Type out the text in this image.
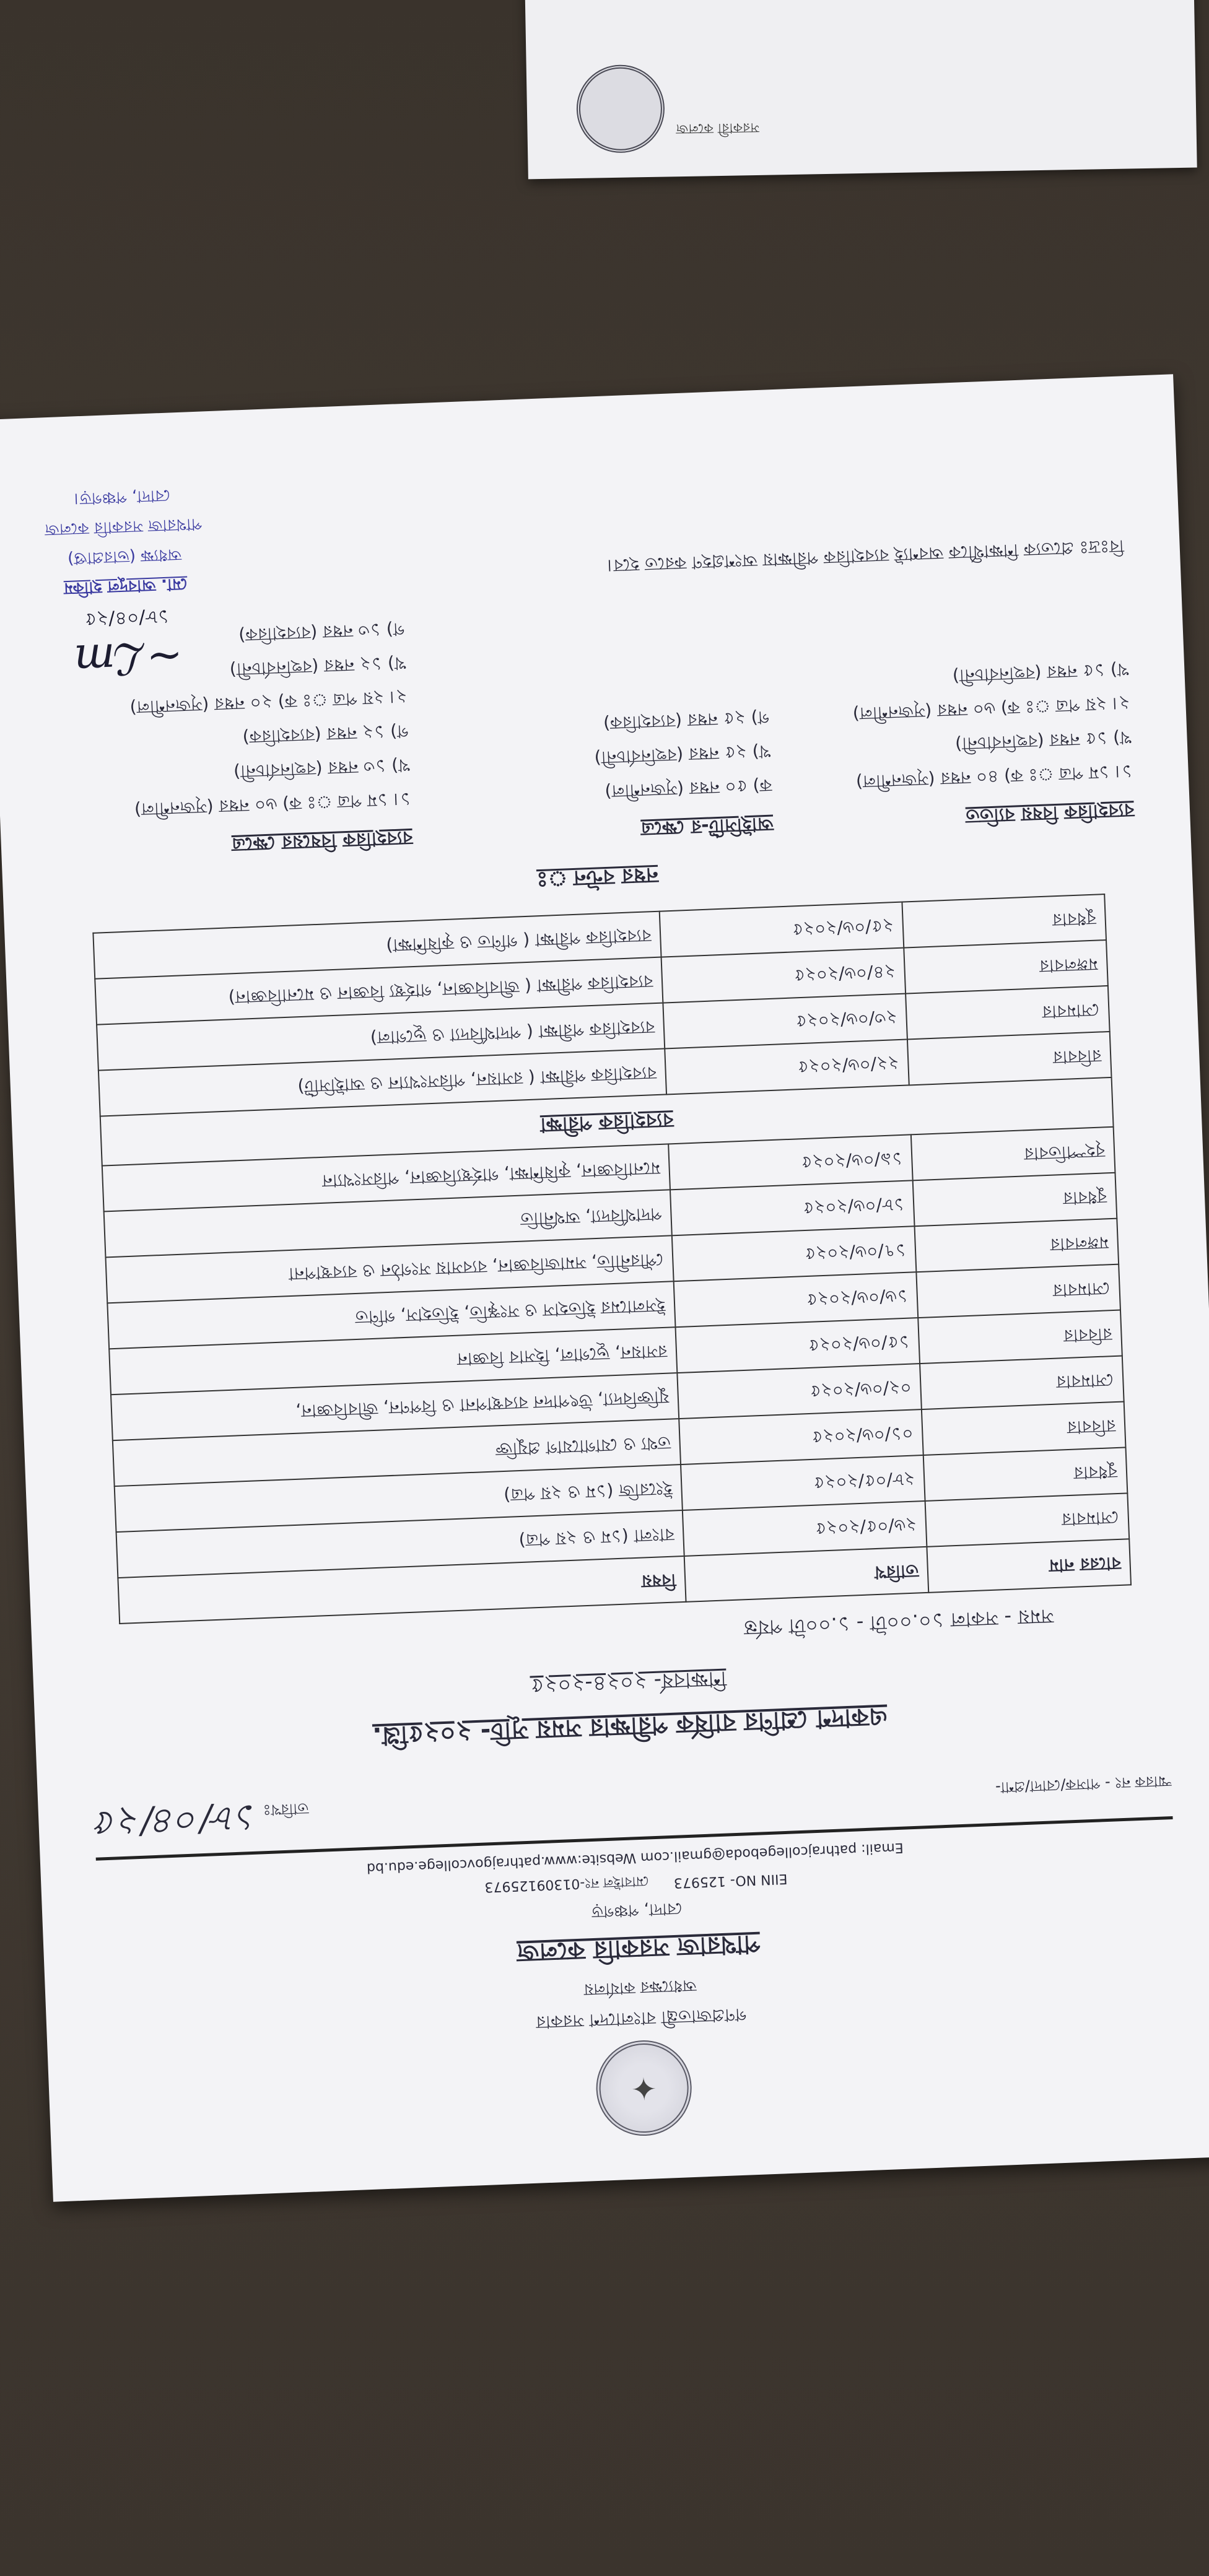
সরকারী কলেজ
✦
গণপ্রজাতন্ত্রী বাংলাদেশ সরকার
অধ্যক্ষের কার্যালয়
পাথরাজ সরকারি কলেজ
বোদা, পঞ্চগড়
EIIN NO- 125973
মোবাইল নং-01309125973
Email: pathrajcollegeboda@gmail.com Website:www.pathrajgovcollege.edu.bd
স্মারক নং - পাসক/বোদা/প্রশা-
তারিখঃ ১৮/০৪/২৫
একাদশ শ্রেণির বার্ষিক পরীক্ষার সময় সূচি- ২০২৫খ্রি.
শিক্ষাবর্ষ- ২০২৪-২০২৫
সময় - সকাল ১০.০০টা - ১.০০টা পর্যন্ত
বারের নাম	তারিখ	বিষয়
সোমবার	২৬/০৫/২০২৫	বাংলা (১ম ও ২য় পত্র)
বুধবার	২৮/০৫/২০২৫	ইংরেজি (১ম ও ২য় পত্র)
রবিবার	০১/০৬/২০২৫	তথ্য ও যোগাযোগ প্রযুক্তি
সোমবার	০২/০৬/২০২৫	যুক্তিবিদ্যা, উৎপাদন ব্যবস্থাপনা ও বিপণন, জীববিজ্ঞান,
রবিবার	১৫/০৬/২০২৫	রসায়ন, ভূগোল, হিসাব বিজ্ঞান
সোমবার	১৬/০৬/২০২৫	ইসলামের ইতিহাস ও সংস্কৃতি, ইতিহাস, গণিত
মঙ্গলবার	১৭/০৬/২০২৫	পৌরনীতি, সমাজবিজ্ঞান, ব্যবসায় সংগঠন ও ব্যবস্থাপনা
বুধবার	১৮/০৬/২০২৫	পদার্থবিদ্যা, অর্থনীতি
বৃহস্পতিবার	১৯/০৬/২০২৫	মনোবিজ্ঞান, কৃষিশিক্ষা, গার্হস্থ্যবিজ্ঞান, পরিসংখ্যান
ব্যবহারিক পরীক্ষা		
রবিবার	২২/০৬/২০২৫	ব্যবহারিক পরীক্ষা ( রসায়ন, পরিসংখ্যান ও আইসিটি)
সোমবার	২৩/০৬/২০২৫	ব্যবহারিক পরীক্ষা ( পদার্থবিদ্যা ও ভূগোল)
মঙ্গলবার	২৪/০৬/২০২৫	ব্যবহারিক পরীক্ষা ( জীববিজ্ঞান, গার্হস্থ্য বিজ্ঞান ও মনোবিজ্ঞান)
বুধবার	২৫/০৬/২০২৫	ব্যবহারিক পরীক্ষা ( গণিত ও কৃষিশিক্ষা)
নম্বর বন্টন ঃ
ব্যবহারিক বিষয় ব্যতিত
১। ১ম পত্র ঃ ক) ৪০ নম্বর (সৃজনশীল)
খ) ১৫ নম্বর (বহুনির্বাচনী)
২। ২য় পত্র ঃ ক) ৬০ নম্বর (সৃজনশীল)
খ) ১৫ নম্বর (বহুনির্বাচনী)
আইসিটি-র ক্ষেত্রে
ক) ৫০ নম্বর (সৃজনশীল)
খ) ২৫ নম্বর (বহুনির্বাচনী)
গ) ২৫ নম্বর (ব্যবহারিক)
ব্যবহারিক বিষয়ের ক্ষেত্রে
১। ১ম পত্র ঃ ক) ৬০ নম্বর (সৃজনশীল)
খ) ১৩ নম্বর (বহুনির্বাচনী)
গ) ১২ নম্বর (ব্যবহারিক)
২। ২য় পত্র ঃ ক) ২০ নম্বর (সৃজনশীল)
খ) ১২ নম্বর (বহুনির্বাচনী)
গ) ১৩ নম্বর (ব্যবহারিক)
বিঃদ্রঃ প্রত্যেক শিক্ষার্থীকে অবশ্যই ব্যবহারিক পরীক্ষায় অংশগ্রহণ করতে হবে।
~ℒm
১৮/০৪/২৫
মো. আবদুল হাকিম
অধ্যক্ষ (ভারপ্রাপ্ত)
পাথরাজ সরকারি কলেজ
বোদা, পঞ্চগড়।
